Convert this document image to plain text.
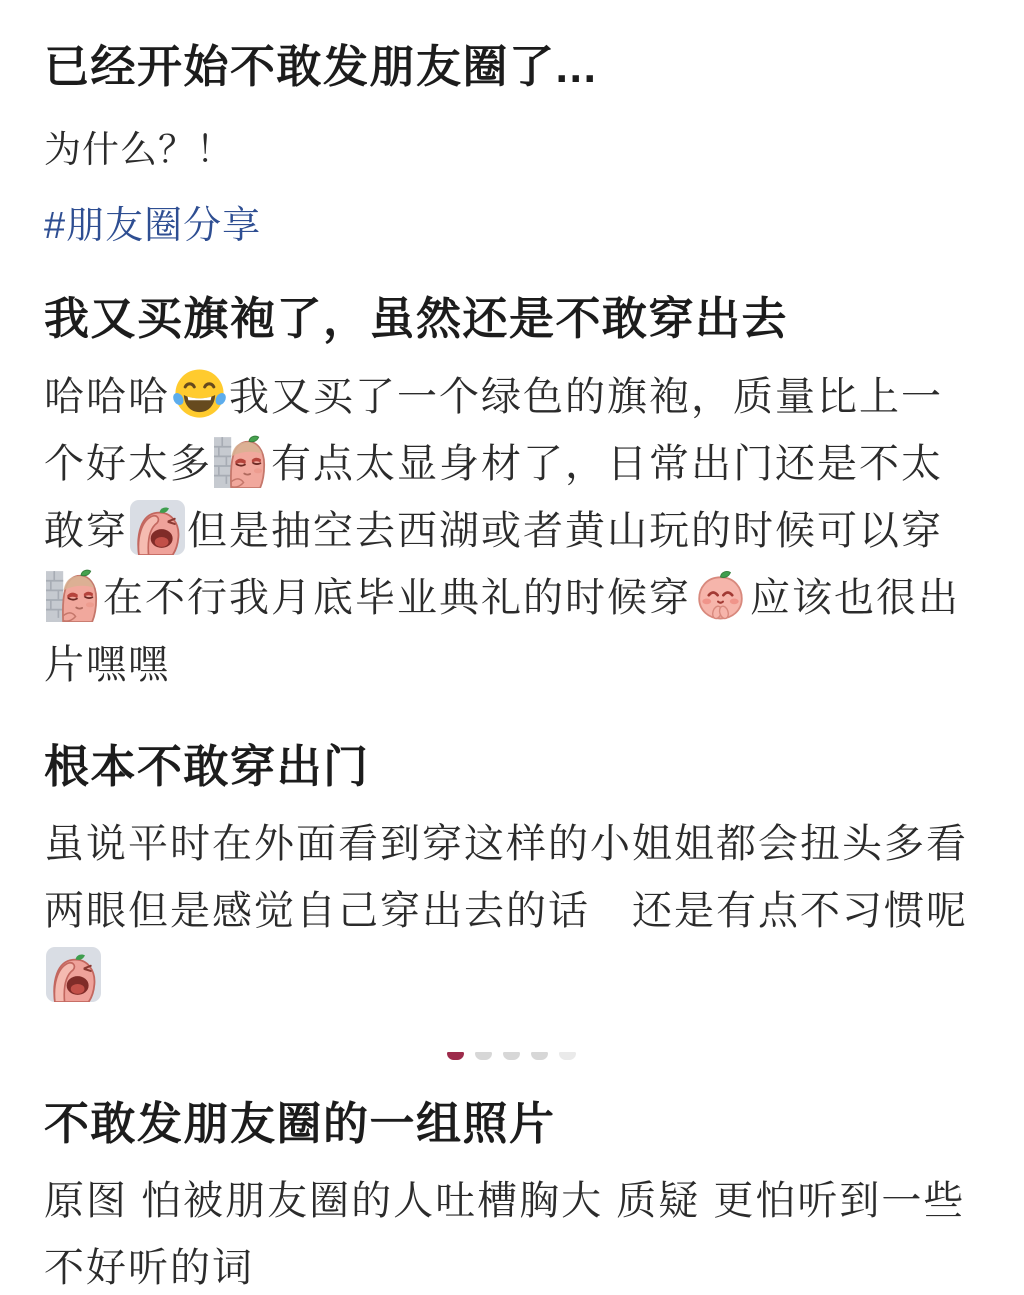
已经开始不敢发朋友圈了...

为什么？！

#朋友圈分享
我又买旗袍了，虽然还是不敢穿出去

哈哈哈 我又买了一个绿色的旗袍，质量比上一个好太多 有点太显身材了，日常出门还是不太敢穿 但是抽空去西湖或者黄山玩的时候可以穿
在不行我月底毕业典礼的时候穿 应该也很出片嘿嘿

根本不敢穿出门

虽说平时在外面看到穿这样的小姐姐都会扭头多看两眼但是感觉自己穿出去的话　还是有点不习惯呢

不敢发朋友圈的一组照片

原图 怕被朋友圈的人吐槽胸大 质疑 更怕听到一些不好听的词
